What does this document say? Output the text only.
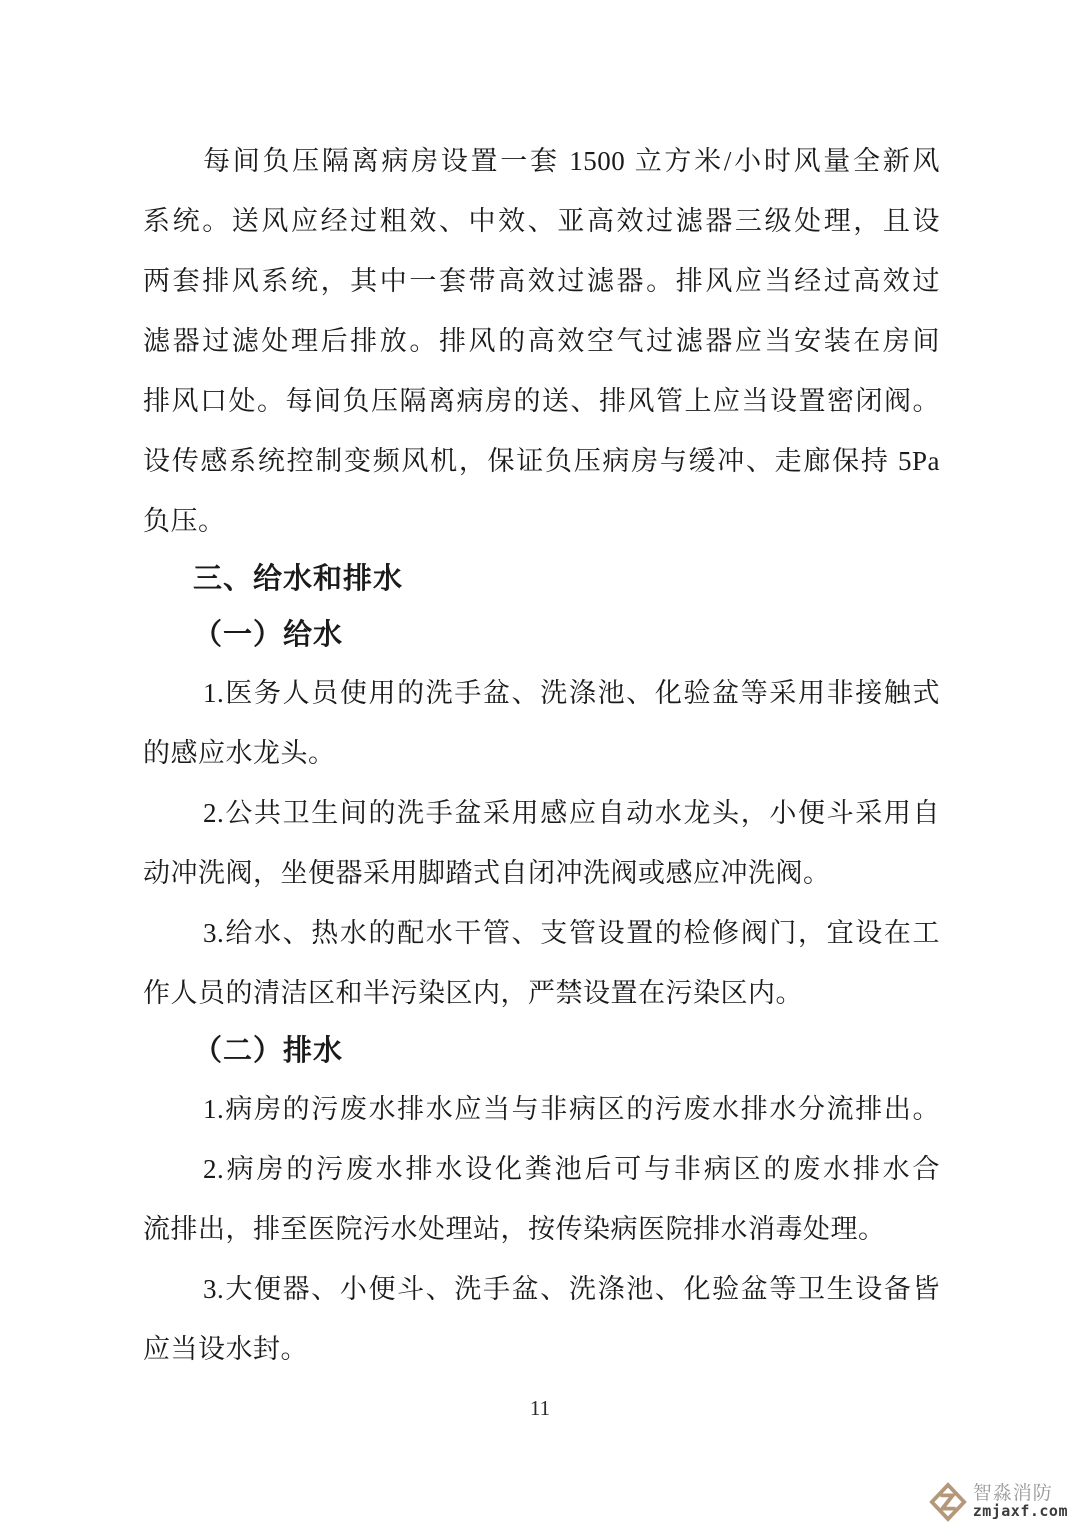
每间负压隔离病房设置一套 1500 立方米/小时风量全新风
系统。送风应经过粗效、中效、亚高效过滤器三级处理，且设
两套排风系统，其中一套带高效过滤器。排风应当经过高效过
滤器过滤处理后排放。排风的高效空气过滤器应当安装在房间
排风口处。每间负压隔离病房的送、排风管上应当设置密闭阀。
设传感系统控制变频风机，保证负压病房与缓冲、走廊保持 5Pa
负压。
三、给水和排水
（一）给水
1.医务人员使用的洗手盆、洗涤池、化验盆等采用非接触式
的感应水龙头。
2.公共卫生间的洗手盆采用感应自动水龙头，小便斗采用自
动冲洗阀，坐便器采用脚踏式自闭冲洗阀或感应冲洗阀。
3.给水、热水的配水干管、支管设置的检修阀门，宜设在工
作人员的清洁区和半污染区内，严禁设置在污染区内。
（二）排水
1.病房的污废水排水应当与非病区的污废水排水分流排出。
2.病房的污废水排水设化粪池后可与非病区的废水排水合
流排出，排至医院污水处理站，按传染病医院排水消毒处理。
3.大便器、小便斗、洗手盆、洗涤池、化验盆等卫生设备皆
应当设水封。
11
智淼消防
zmjaxf.com
